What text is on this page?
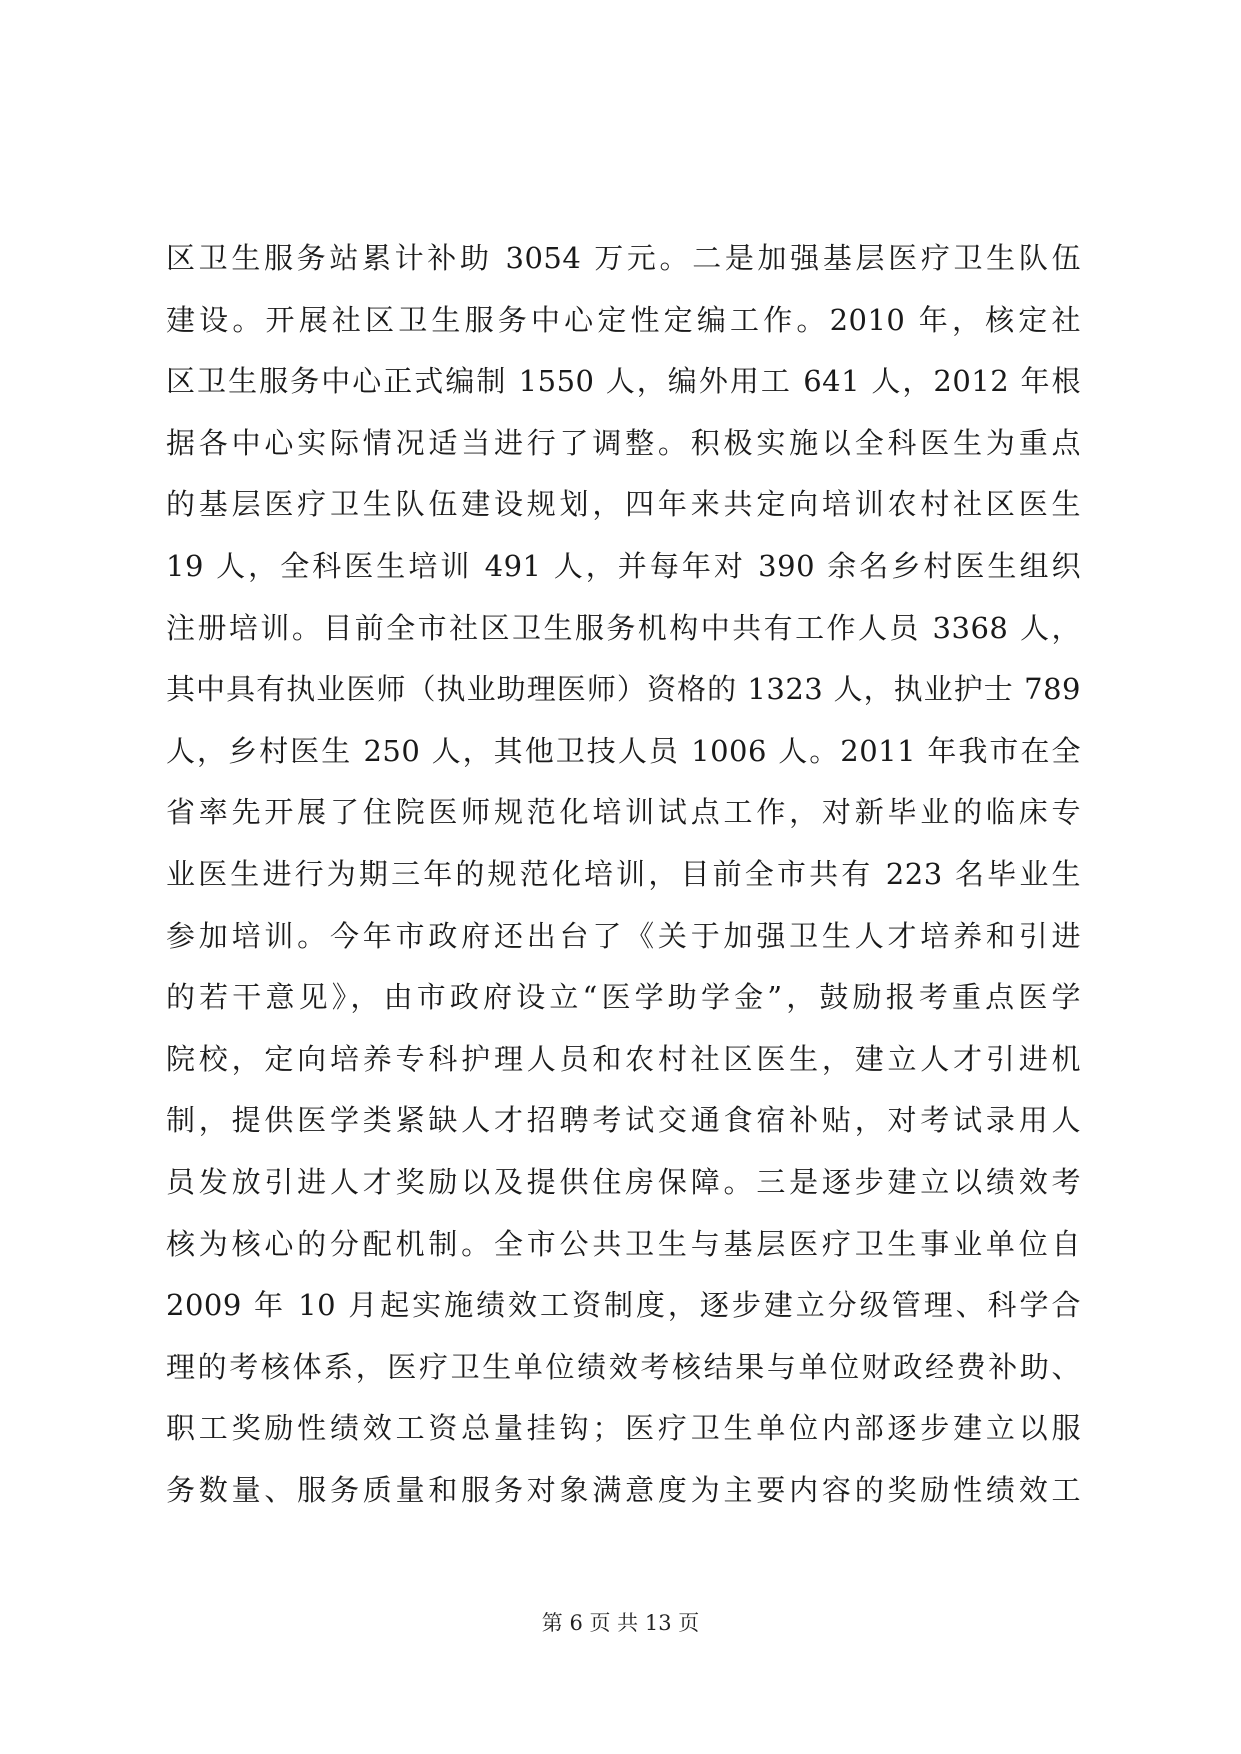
区卫生服务站累计补助 3054 万元。二是加强基层医疗卫生队伍
建设。开展社区卫生服务中心定性定编工作。2010 年，核定社
区卫生服务中心正式编制 1550 人，编外用工 641 人，2012 年根
据各中心实际情况适当进行了调整。积极实施以全科医生为重点
的基层医疗卫生队伍建设规划，四年来共定向培训农村社区医生
19 人，全科医生培训 491 人，并每年对 390 余名乡村医生组织
注册培训。目前全市社区卫生服务机构中共有工作人员 3368 人，
其中具有执业医师（执业助理医师）资格的 1323 人，执业护士 789
人，乡村医生 250 人，其他卫技人员 1006 人。2011 年我市在全
省率先开展了住院医师规范化培训试点工作，对新毕业的临床专
业医生进行为期三年的规范化培训，目前全市共有 223 名毕业生
参加培训。今年市政府还出台了《关于加强卫生人才培养和引进
的若干意见》，由市政府设立“医学助学金”，鼓励报考重点医学
院校，定向培养专科护理人员和农村社区医生，建立人才引进机
制，提供医学类紧缺人才招聘考试交通食宿补贴，对考试录用人
员发放引进人才奖励以及提供住房保障。三是逐步建立以绩效考
核为核心的分配机制。全市公共卫生与基层医疗卫生事业单位自
2009 年 10 月起实施绩效工资制度，逐步建立分级管理、科学合
理的考核体系，医疗卫生单位绩效考核结果与单位财政经费补助、
职工奖励性绩效工资总量挂钩；医疗卫生单位内部逐步建立以服
务数量、服务质量和服务对象满意度为主要内容的奖励性绩效工
第 6 页 共 13 页
